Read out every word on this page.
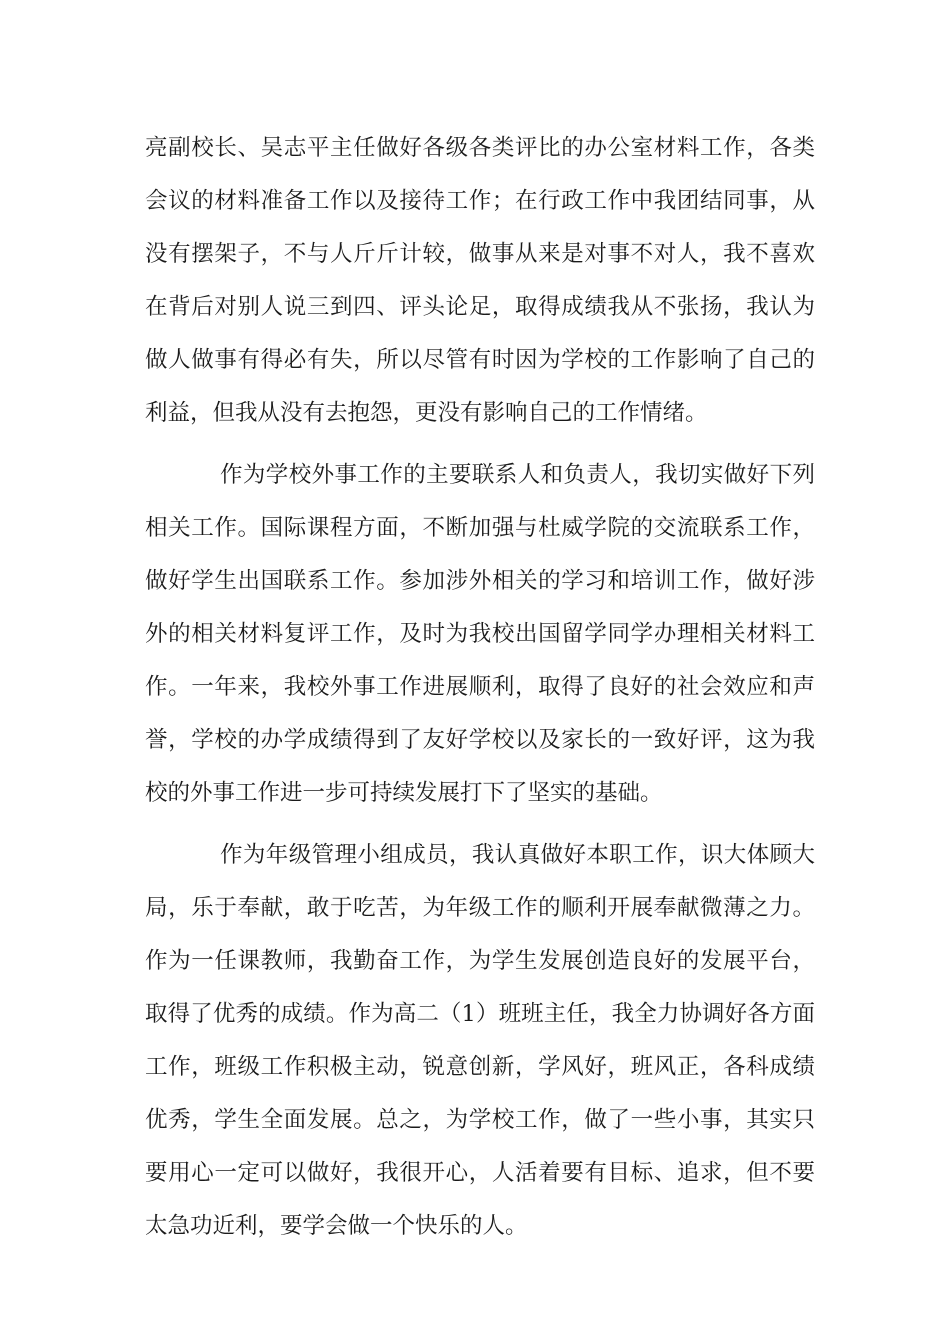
亮副校长、吴志平主任做好各级各类评比的办公室材料工作，各类
会议的材料准备工作以及接待工作；在行政工作中我团结同事，从
没有摆架子，不与人斤斤计较，做事从来是对事不对人，我不喜欢
在背后对别人说三到四、评头论足，取得成绩我从不张扬，我认为
做人做事有得必有失，所以尽管有时因为学校的工作影响了自己的
利益，但我从没有去抱怨，更没有影响自己的工作情绪。
作为学校外事工作的主要联系人和负责人，我切实做好下列
相关工作。国际课程方面，不断加强与杜威学院的交流联系工作，
做好学生出国联系工作。参加涉外相关的学习和培训工作，做好涉
外的相关材料复评工作，及时为我校出国留学同学办理相关材料工
作。一年来，我校外事工作进展顺利，取得了良好的社会效应和声
誉，学校的办学成绩得到了友好学校以及家长的一致好评，这为我
校的外事工作进一步可持续发展打下了坚实的基础。
作为年级管理小组成员，我认真做好本职工作，识大体顾大
局，乐于奉献，敢于吃苦，为年级工作的顺利开展奉献微薄之力。
作为一任课教师，我勤奋工作，为学生发展创造良好的发展平台，
取得了优秀的成绩。作为高二（1）班班主任，我全力协调好各方面
工作，班级工作积极主动，锐意创新，学风好，班风正，各科成绩
优秀，学生全面发展。总之，为学校工作，做了一些小事，其实只
要用心一定可以做好，我很开心，人活着要有目标、追求，但不要
太急功近利，要学会做一个快乐的人。
